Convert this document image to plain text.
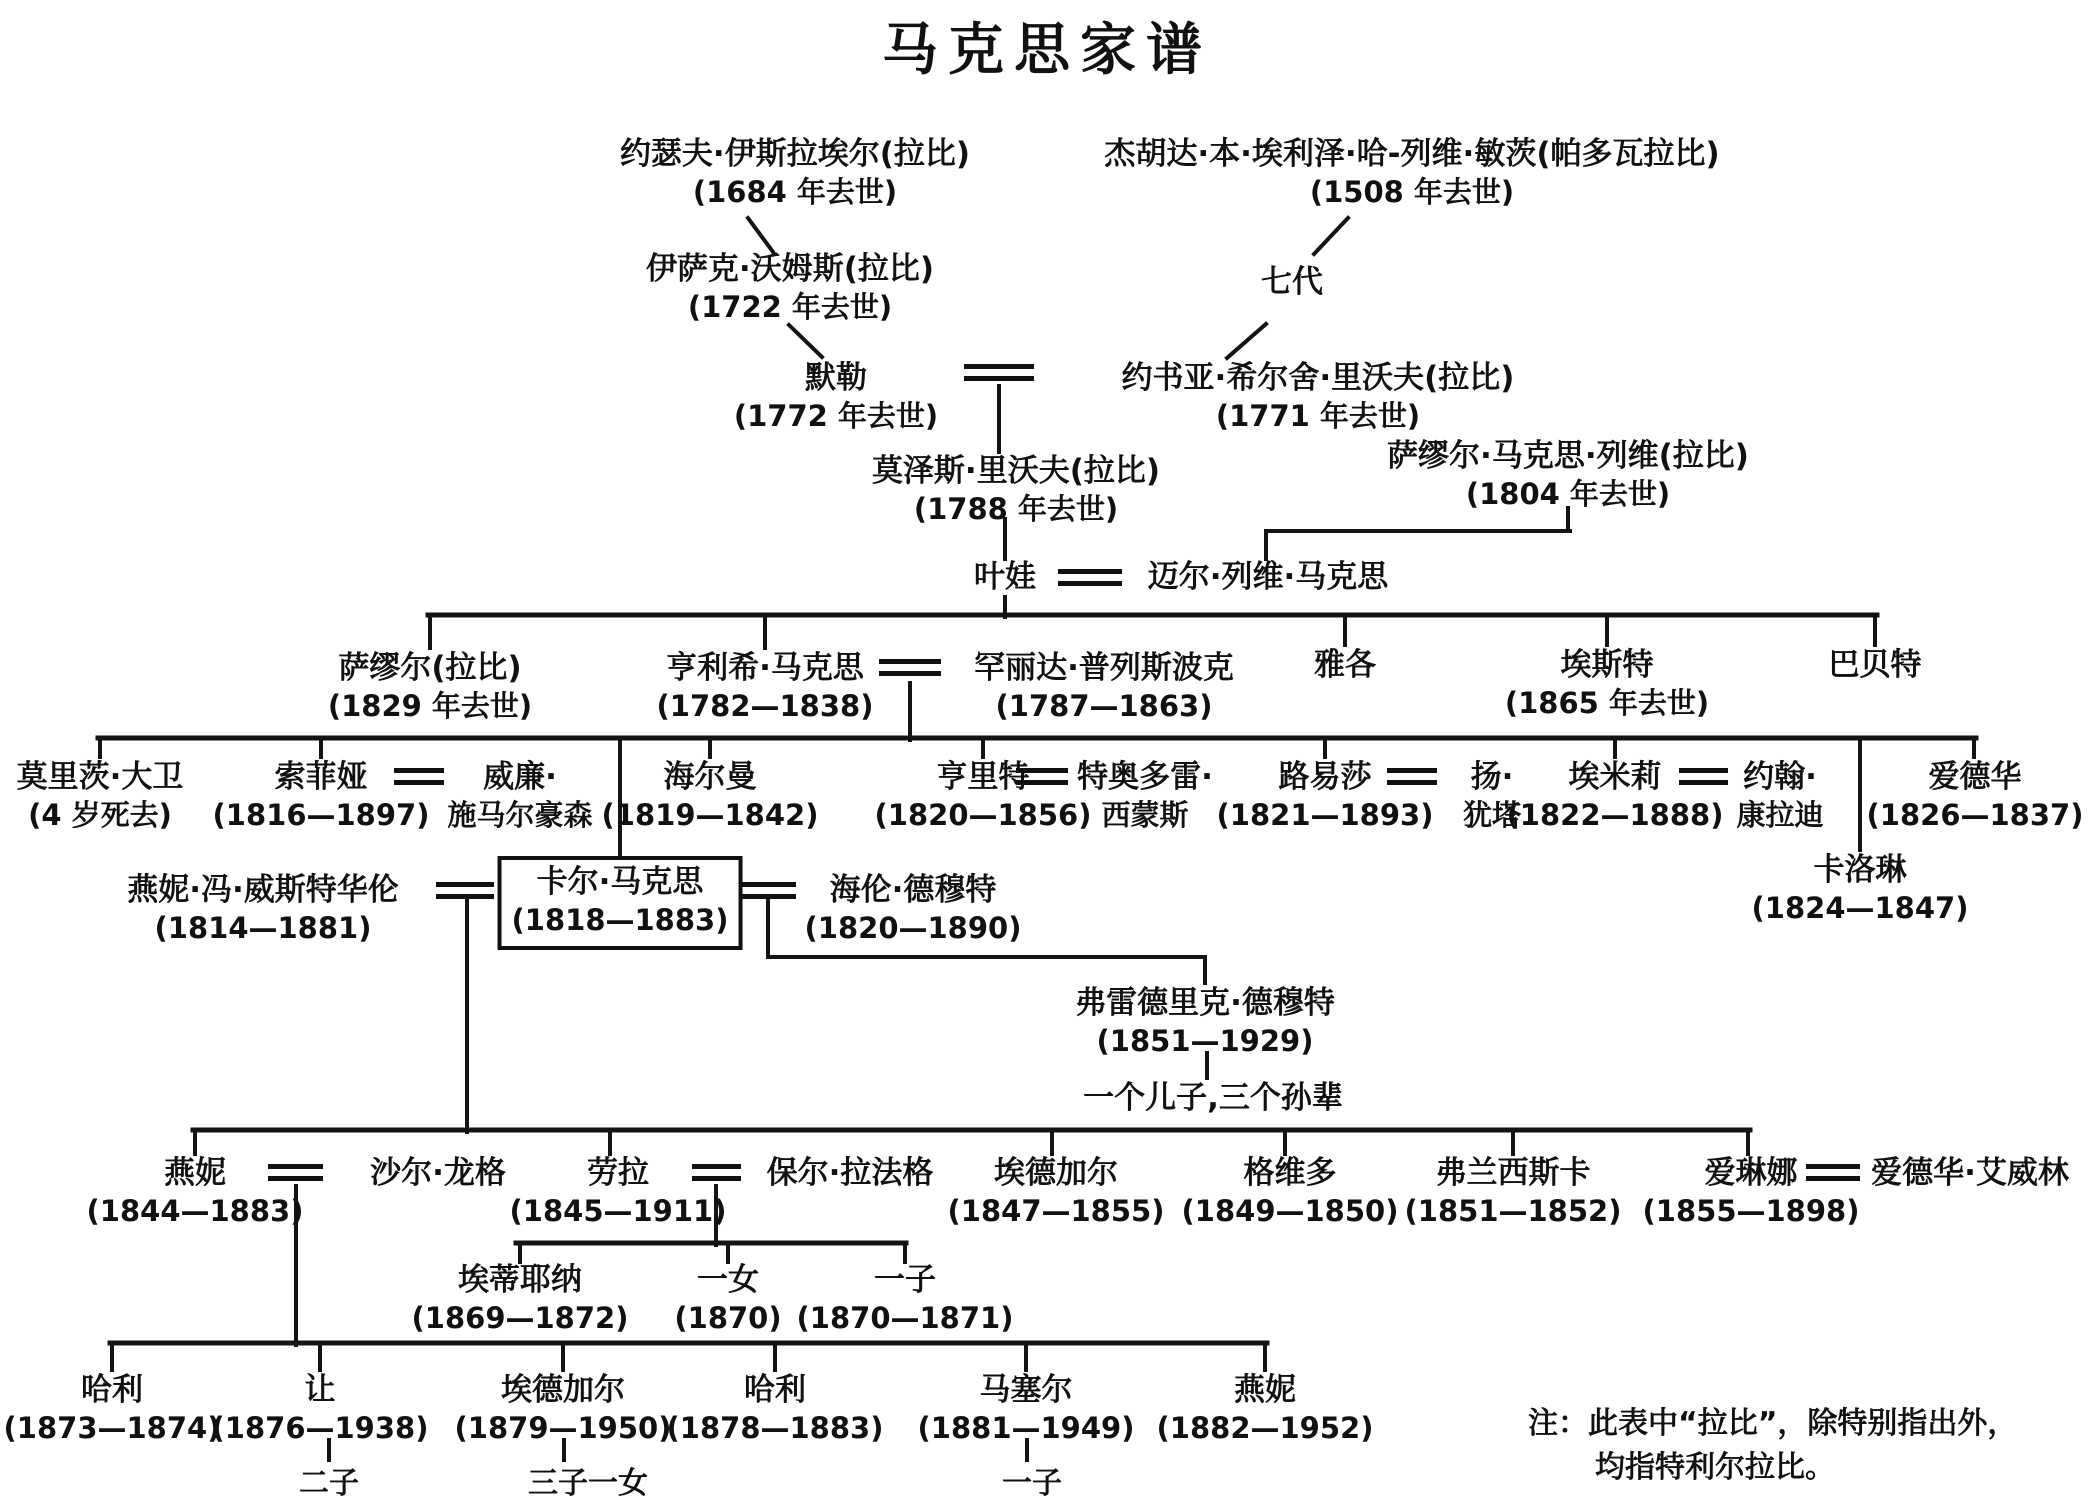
马克思家谱
约瑟夫·伊斯拉埃尔(拉比)
(1684 年去世)
杰胡达·本·埃利泽·哈-列维·敏茨(帕多瓦拉比)
(1508 年去世)
伊萨克·沃姆斯(拉比)
(1722 年去世)
七代
默勒
(1772 年去世)
约书亚·希尔舍·里沃夫(拉比)
(1771 年去世)
萨缪尔·马克思·列维(拉比)
(1804 年去世)
莫泽斯·里沃夫(拉比)
(1788 年去世)
叶娃	迈尔·列维·马克思
萨缪尔(拉比)
(1829 年去世)
亨利希·马克思
(1782—1838)
罕丽达·普列斯波克
(1787—1863)
雅各	埃斯特
(1865 年去世)
巴贝特
莫里茨·大卫
(4 岁死去)
索菲娅
(1816—1897)
威廉·
施马尔豪森
海尔曼
(1819—1842)
亨里特
(1820—1856)
特奥多雷·
西蒙斯
路易莎
(1821—1893)
扬·
犹塔
埃米莉
(1822—1888)
约翰·
康拉迪
爱德华
(1826—1837)
卡洛琳
(1824—1847)
燕妮·冯·威斯特华伦
(1814—1881)
卡尔·马克思
(1818—1883)
海伦·德穆特
(1820—1890)
弗雷德里克·德穆特
(1851—1929)
一个儿子,三个孙辈
燕妮
(1844—1883)
沙尔·龙格	劳拉
(1845—1911)
保尔·拉法格	埃德加尔
(1847—1855)
格维多
(1849—1850)
弗兰西斯卡
(1851—1852)
爱琳娜
(1855—1898)
爱德华·艾威林
埃蒂耶纳
(1869—1872)
一女
(1870)
一子
(1870—1871)
哈利
(1873—1874)
让
(1876—1938)
埃德加尔
(1879—1950)
哈利
(1878—1883)
马塞尔
(1881—1949)
燕妮
(1882—1952)
二子	三子一女	一子
注：此表中“拉比”，除特别指出外，
均指特利尔拉比。
